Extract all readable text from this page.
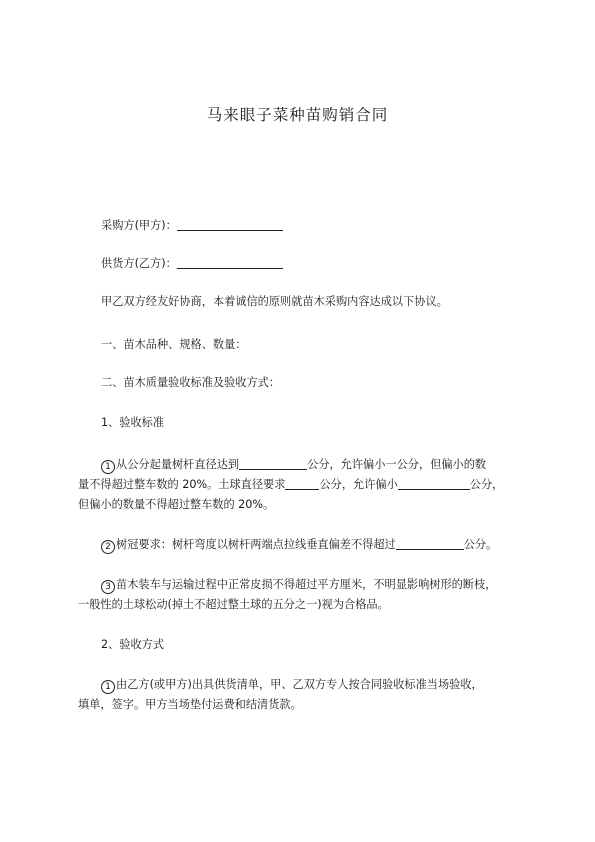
马来眼子菜种苗购销合同
采购方(甲方)：
供货方(乙方)：
甲乙双方经友好协商，本着诚信的原则就苗木采购内容达成以下协议。
一、苗木品种、规格、数量：
二、苗木质量验收标准及验收方式：
1、验收标准
1 从公分起量树杆直径达到	公分，允许偏小一公分，但偏小的数
量不得超过整车数的 20%。土球直径要求	公分，允许偏小	公分，
但偏小的数量不得超过整车数的 20%。
2 树冠要求：树杆弯度以树杆两端点拉线垂直偏差不得超过	公分。
3 苗木装车与运输过程中正常皮损不得超过平方厘米，不明显影响树形的断枝，
一般性的土球松动(掉土不超过整土球的五分之一)视为合格品。
2、验收方式
1 由乙方(或甲方)出具供货清单，甲、乙双方专人按合同验收标准当场验收，
填单，签字。甲方当场垫付运费和结清货款。
